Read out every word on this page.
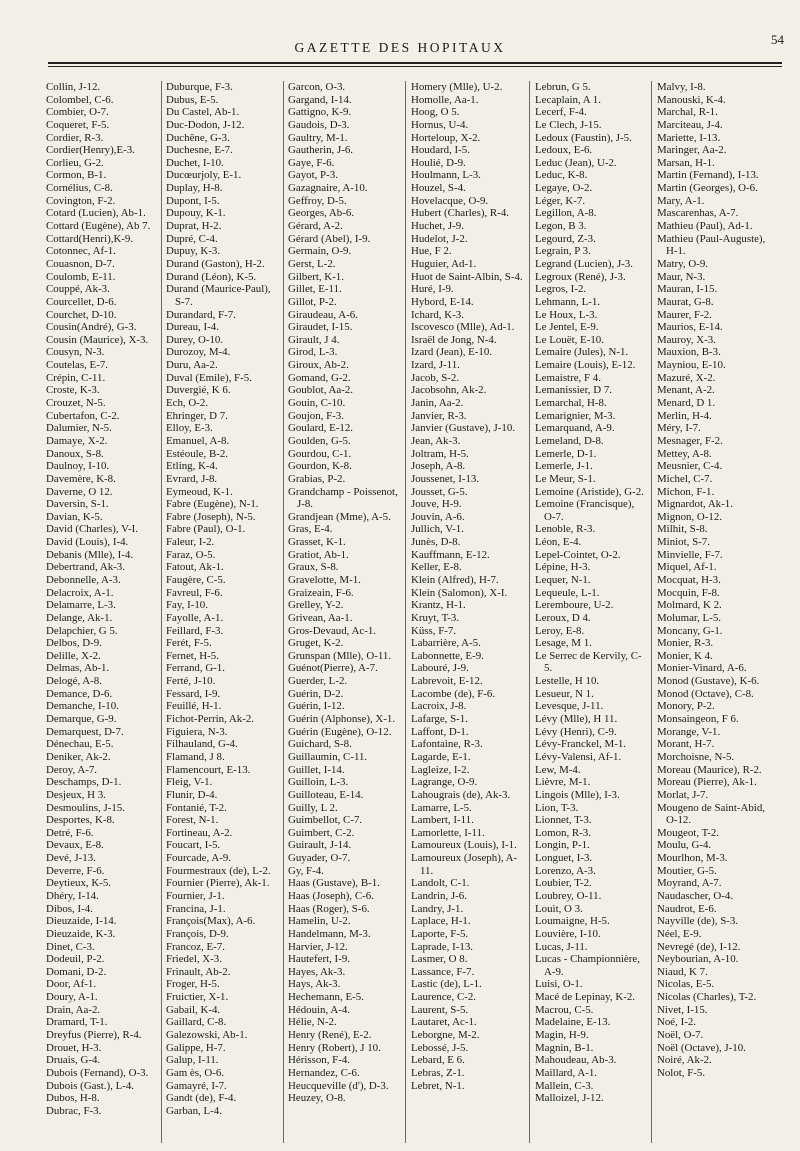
GAZETTE DES HOPITAUX
54
Collin, J-12.
Colombel, C-6.
Combier, O-7.
Coqueret, F-5.
Cordier, R-3.
Cordier(Henry),E-3.
Corlieu, G-2.
Cormon, B-1.
Cornélius, C-8.
Covington, F-2.
Cotard (Lucien), Ab-1.
Cottard (Eugène), Ab 7.
Cottard(Henri),K-9.
Cotonnec, Af-1.
Couasnon, D-7.
Coulomb, E-11.
Couppé, Ak-3.
Courcellet, D-6.
Courchet, D-10.
Cousin(André), G-3.
Cousin (Maurice), X-3.
Cousyn, N-3.
Coutelas, E-7.
Crépin, C-11.
Croste, K-3.
Crouzet, N-5.
Cubertafon, C-2.
Dalumier, N-5.
Damaye, X-2.
Danoux, S-8.
Daulnoy, I-10.
Davemère, K-8.
Daverne, O 12.
Daversin, S-1.
Davian, K-5.
David (Charles), V-I.
David (Louis), I-4.
Debanis (Mlle), I-4.
Debertrand, Ak-3.
Debonnelle, A-3.
Delacroix, A-1.
Delamarre, L-3.
Delange, Ak-1.
Delapchier, G 5.
Delbos, D-9.
Delille, X-2.
Delmas, Ab-1.
Delogé, A-8.
Demance, D-6.
Demanche, I-10.
Demarque, G-9.
Demarquest, D-7.
Dénechau, E-5.
Deniker, Ak-2.
Deroy, A-7.
Deschamps, D-1.
Desjeux, H 3.
Desmoulins, J-15.
Desportes, K-8.
Detré, F-6.
Devaux, E-8.
Devé, J-13.
Deverre, F-6.
Deytieux, K-5.
Dhéry, I-14.
Dibos, I-4.
Dieuzaide, I-14.
Dieuzaide, K-3.
Dinet, C-3.
Dodeuil, P-2.
Domani, D-2.
Door, Af-1.
Doury, A-1.
Drain, Aa-2.
Dramard, T-1.
Dreyfus (Pierre), R-4.
Drouet, H-3.
Druais, G-4.
Dubois (Fernand), O-3.
Dubois (Gast.), L-4.
Dubos, H-8.
Dubrac, F-3.
Duburque, F-3.
Dubus, E-5.
Du Castel, Ab-1.
Duc-Dodon, J-12.
Duchêne, G-3.
Duchesne, E-7.
Duchet, I-10.
Ducœurjoly, E-1.
Duplay, H-8.
Dupont, I-5.
Dupouy, K-1.
Duprat, H-2.
Dupré, C-4.
Dupuy, K-3.
Durand (Gaston), H-2.
Durand (Léon), K-5.
Durand (Maurice-Paul), S-7.
Durandard, F-7.
Dureau, I-4.
Durey, O-10.
Durozoy, M-4.
Duru, Aa-2.
Duval (Emile), F-5.
Duvergié, K 6.
Ech, O-2.
Ehringer, D 7.
Elloy, E-3.
Emanuel, A-8.
Estéoule, B-2.
Etling, K-4.
Evrard, J-8.
Eymeoud, K-1.
Fabre (Eugène), N-1.
Fabre (Joseph), N-5.
Fabre (Paul), O-1.
Faleur, I-2.
Faraz, O-5.
Fatout, Ak-1.
Faugère, C-5.
Favreul, F-6.
Fay, I-10.
Fayolle, A-1.
Feillard, F-3.
Ferét, F-5.
Fernet, H-5.
Ferrand, G-1.
Ferté, J-10.
Fessard, I-9.
Feuillé, H-1.
Fichot-Perrin, Ak-2.
Figuiera, N-3.
Filhauland, G-4.
Flamand, J 8.
Flamencourt, E-13.
Fleig, V-1.
Flunir, D-4.
Fontanié, T-2.
Forest, N-1.
Fortineau, A-2.
Foucart, I-5.
Fourcade, A-9.
Fourmestraux (de), L-2.
Fournier (Pierre), Ak-1.
Fournier, J-1.
Francina, J-1.
François(Max), A-6.
François, D-9.
Francoz, E-7.
Friedel, X-3.
Frinault, Ab-2.
Froger, H-5.
Fruictier, X-1.
Gabail, K-4.
Gaillard, C-8.
Galezowski, Ab-1.
Galippe, H-7.
Galup, I-11.
Gam ès, O-6.
Gamayré, I-7.
Gandt (de), F-4.
Garban, L-4.
Garcon, O-3.
Gargand, I-14.
Gattigno, K-9.
Gaudois, D-3.
Gaultry, M-1.
Gautherin, J-6.
Gaye, F-6.
Gayot, P-3.
Gazagnaire, A-10.
Geffroy, D-5.
Georges, Ab-6.
Gérard, A-2.
Gérard (Abel), I-9.
Germain, O-9.
Gerst, L-2.
Gilbert, K-1.
Gillet, E-11.
Gillot, P-2.
Giraudeau, A-6.
Giraudet, I-15.
Girault, J 4.
Girod, L-3.
Giroux, Ab-2.
Gomand, G-2.
Goublot, Aa-2.
Gouin, C-10.
Goujon, F-3.
Goulard, E-12.
Goulden, G-5.
Gourdou, C-1.
Gourdon, K-8.
Grabias, P-2.
Grandchamp - Poissenot, J-8.
Grandjean (Mme), A-5.
Gras, E-4.
Grasset, K-1.
Gratiot, Ab-1.
Graux, S-8.
Gravelotte, M-1.
Graizeain, F-6.
Grelley, Y-2.
Grivean, Aa-1.
Gros-Devaud, Ac-1.
Gruget, K-2.
Grunspan (Mlle), O-11.
Guénot(Pierre), A-7.
Guerder, L-2.
Guérin, D-2.
Guérin, I-12.
Guérin (Alphonse), X-1.
Guérin (Eugène), O-12.
Guichard, S-8.
Guillaumin, C-11.
Guillet, I-14.
Guilloin, L-3.
Guilloteau, E-14.
Guilly, L 2.
Guimbellot, C-7.
Guimbert, C-2.
Guirault, J-14.
Guyader, O-7.
Gy, F-4.
Haas (Gustave), B-1.
Haas (Joseph), C-6.
Haas (Roger), S-6.
Hamelin, U-2.
Handelmann, M-3.
Harvier, J-12.
Hautefert, I-9.
Hayes, Ak-3.
Hays, Ak-3.
Hechemann, E-5.
Hédouin, A-4.
Hélie, N-2.
Henry (René), E-2.
Henry (Robert), J 10.
Hérisson, F-4.
Hernandez, C-6.
Heucqueville (d'), D-3.
Heuzey, O-8.
Homery (Mlle), U-2.
Homolle, Aa-1.
Hoog, O 5.
Hornus, U-4.
Horteloup, X-2.
Houdard, I-5.
Houlié, D-9.
Houlmann, L-3.
Houzel, S-4.
Hovelacque, O-9.
Hubert (Charles), R-4.
Huchet, J-9.
Hudelot, J-2.
Hue, F 2.
Huguier, Ad-1.
Huot de Saint-Albin, S-4.
Huré, I-9.
Hybord, E-14.
Ichard, K-3.
Iscovesco (Mlle), Ad-1.
Israël de Jong, N-4.
Izard (Jean), E-10.
Izard, J-11.
Jacob, S-2.
Jacobsohn, Ak-2.
Janin, Aa-2.
Janvier, R-3.
Janvier (Gustave), J-10.
Jean, Ak-3.
Joltram, H-5.
Joseph, A-8.
Joussenet, I-13.
Jousset, G-5.
Jouve, H-9.
Jouvin, A-6.
Jullich, V-1.
Junès, D-8.
Kauffmann, E-12.
Keller, E-8.
Klein (Alfred), H-7.
Klein (Salomon), X-I.
Krantz, H-1.
Kruyt, T-3.
Küss, F-7.
Labarrière, A-5.
Labonnette, E-9.
Labouré, J-9.
Labrevoit, E-12.
Lacombe (de), F-6.
Lacroix, J-8.
Lafarge, S-1.
Laffont, D-1.
Lafontaine, R-3.
Lagarde, E-1.
Lagleize, I-2.
Lagrange, O-9.
Lahougrais (de), Ak-3.
Lamarre, L-5.
Lambert, I-11.
Lamorlette, I-11.
Lamoureux (Louis), I-1.
Lamoureux (Joseph), A-11.
Landolt, C-1.
Landrin, J-6.
Landry, J-1.
Laplace, H-1.
Laporte, F-5.
Laprade, I-13.
Lasmer, O 8.
Lassance, F-7.
Lastic (de), L-1.
Laurence, C-2.
Laurent, S-5.
Lautaret, Ac-1.
Leborgne, M-2.
Lebossé, J-5.
Lebard, E 6.
Lebras, Z-1.
Lebret, N-1.
Lebrun, G 5.
Lecaplain, A 1.
Lecerf, F-4.
Le Clech, J-15.
Ledoux (Faustin), J-5.
Ledoux, E-6.
Leduc (Jean), U-2.
Leduc, K-8.
Legaye, O-2.
Léger, K-7.
Legillon, A-8.
Legon, B 3.
Legourd, Z-3.
Legrain, P 3.
Legrand (Lucien), J-3.
Legroux (René), J-3.
Legros, I-2.
Lehmann, L-1.
Le Houx, L-3.
Le Jentel, E-9.
Le Louët, E-10.
Lemaire (Jules), N-1.
Lemaire (Louis), E-12.
Lemaistre, F 4.
Lemanissier, D 7.
Lemarchal, H-8.
Lemarignier, M-3.
Lemarquand, A-9.
Lemeland, D-8.
Lemerle, D-1.
Lemerle, J-1.
Le Meur, S-1.
Lemoine (Aristide), G-2.
Lemoine (Francisque), O-7.
Lenoble, R-3.
Léon, E-4.
Lepel-Cointet, O-2.
Lépine, H-3.
Lequer, N-1.
Lequeule, L-1.
Leremboure, U-2.
Leroux, D 4.
Leroy, E-8.
Lesage, M 1.
Le Serrec de Kervily, C-5.
Lestelle, H 10.
Lesueur, N 1.
Levesque, J-11.
Lévy (Mlle), H 11.
Lévy (Henri), C-9.
Lévy-Franckel, M-1.
Lévy-Valensi, Af-1.
Lew, M-4.
Lièvre, M-1.
Lingois (Mlle), I-3.
Lion, T-3.
Lionnet, T-3.
Lomon, R-3.
Longin, P-1.
Longuet, I-3.
Lorenzo, A-3.
Loubier, T-2.
Loubrey, O-11.
Louit, O 3.
Loumaigne, H-5.
Louvière, I-10.
Lucas, J-11.
Lucas - Championnière, A-9.
Luisi, O-1.
Macé de Lepinay, K-2.
Macrou, C-5.
Madelaine, E-13.
Magin, H-9.
Magnin, B-1.
Mahoudeau, Ab-3.
Maillard, A-1.
Mallein, C-3.
Malloizel, J-12.
Malvy, I-8.
Manouski, K-4.
Marchal, R-1.
Marciteau, J-4.
Mariette, I-13.
Maringer, Aa-2.
Marsan, H-1.
Martin (Fernand), I-13.
Martin (Georges), O-6.
Mary, A-1.
Mascarenhas, A-7.
Mathieu (Paul), Ad-1.
Mathieu (Paul-Auguste), H-1.
Matry, O-9.
Maur, N-3.
Mauran, I-15.
Maurat, G-8.
Maurer, F-2.
Maurios, E-14.
Mauroy, X-3.
Mauxion, B-3.
Mayniou, E-10.
Mazuré, X-2.
Menant, A-2.
Menard, D 1.
Merlin, H-4.
Méry, I-7.
Mesnager, F-2.
Mettey, A-8.
Meusnier, C-4.
Michel, C-7.
Michon, F-1.
Mignardot, Ak-1.
Mignon, O-12.
Milhit, S-8.
Miniot, S-7.
Minvielle, F-7.
Miquel, Af-1.
Mocquat, H-3.
Mocquin, F-8.
Molmard, K 2.
Molumar, L-5.
Moncany, G-1.
Monier, R-3.
Monier, K 4.
Monier-Vinard, A-6.
Monod (Gustave), K-6.
Monod (Octave), C-8.
Monory, P-2.
Monsaingeon, F 6.
Morange, V-1.
Morant, H-7.
Morchoisne, N-5.
Moreau (Maurice), R-2.
Moreau (Pierre), Ak-1.
Morlat, J-7.
Mougeno de Saint-Abid, O-12.
Mougeot, T-2.
Moulu, G-4.
Mourlhon, M-3.
Moutier, G-5.
Moyrand, A-7.
Naudascher, O-4.
Naudrot, E-6.
Nayville (de), S-3.
Néel, E-9.
Nevregé (de), I-12.
Neybourian, A-10.
Niaud, K 7.
Nicolas, E-5.
Nicolas (Charles), T-2.
Nivet, I-15.
Noé, I-2.
Noël, O-7.
Noël (Octave), J-10.
Noiré, Ak-2.
Nolot, F-5.
